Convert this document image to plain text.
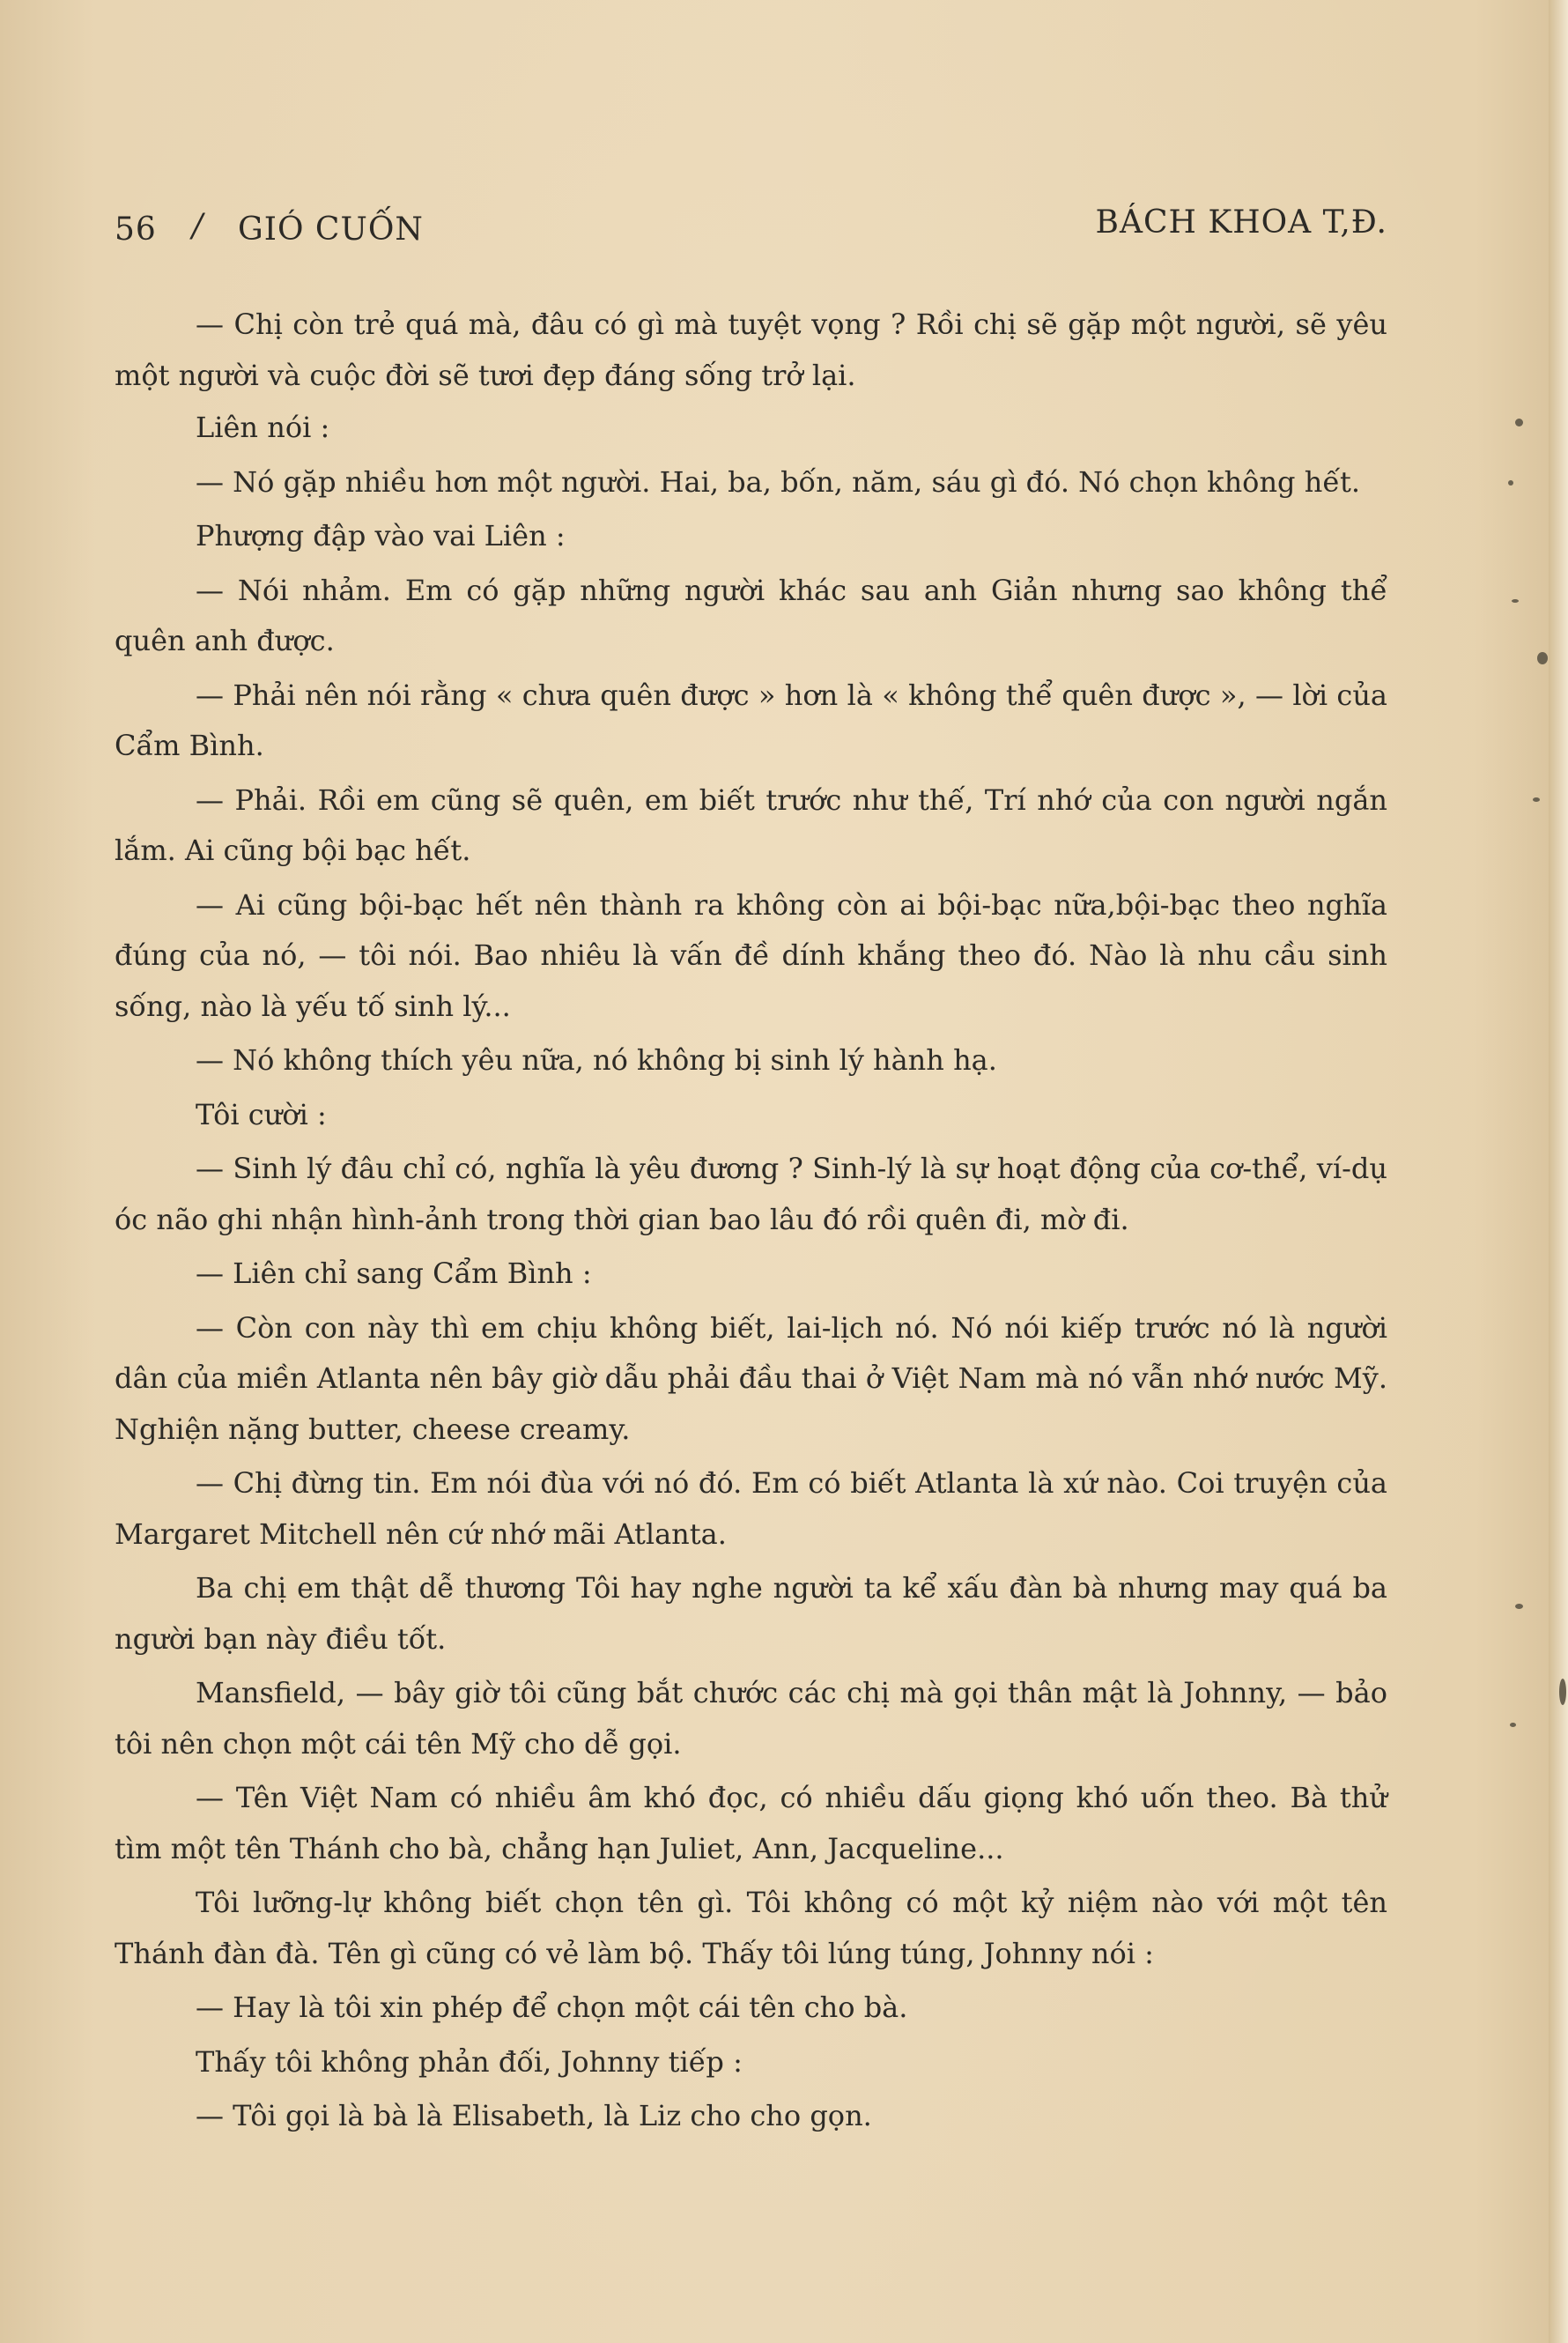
56 / GIÓ CUỐN	BÁCH KHOA T,Đ.

— Chị còn trẻ quá mà, đâu có gì mà tuyệt vọng ? Rồi chị sẽ gặp một người, sẽ yêu một người và cuộc đời sẽ tươi đẹp đáng sống trở lại.

Liên nói :

— Nó gặp nhiều hơn một người. Hai, ba, bốn, năm, sáu gì đó. Nó chọn không hết.

Phượng đập vào vai Liên :

— Nói nhảm. Em có gặp những người khác sau anh Giản nhưng sao không thể quên anh được.

— Phải nên nói rằng « chưa quên được » hơn là « không thể quên được », — lời của Cẩm Bình.

— Phải. Rồi em cũng sẽ quên, em biết trước như thế, Trí nhớ của con người ngắn lắm. Ai cũng bội bạc hết.

— Ai cũng bội-bạc hết nên thành ra không còn ai bội-bạc nữa,bội-bạc theo nghĩa đúng của nó, — tôi nói. Bao nhiêu là vấn đề dính khắng theo đó. Nào là nhu cầu sinh sống, nào là yếu tố sinh lý...

— Nó không thích yêu nữa, nó không bị sinh lý hành hạ.

Tôi cười :

— Sinh lý đâu chỉ có, nghĩa là yêu đương ? Sinh-lý là sự hoạt động của cơ-thể, ví-dụ óc não ghi nhận hình-ảnh trong thời gian bao lâu đó rồi quên đi, mờ đi.

— Liên chỉ sang Cẩm Bình :

— Còn con này thì em chịu không biết, lai-lịch nó. Nó nói kiếp trước nó là người dân của miền Atlanta nên bây giờ dẫu phải đầu thai ở Việt Nam mà nó vẫn nhớ nước Mỹ. Nghiện nặng butter, cheese creamy.

— Chị đừng tin. Em nói đùa với nó đó. Em có biết Atlanta là xứ nào. Coi truyện của Margaret Mitchell nên cứ nhớ mãi Atlanta.

Ba chị em thật dễ thương Tôi hay nghe người ta kể xấu đàn bà nhưng may quá ba người bạn này điều tốt.

Mansfield, — bây giờ tôi cũng bắt chước các chị mà gọi thân mật là Johnny, — bảo tôi nên chọn một cái tên Mỹ cho dễ gọi.

— Tên Việt Nam có nhiều âm khó đọc, có nhiều dấu giọng khó uốn theo. Bà thử tìm một tên Thánh cho bà, chẳng hạn Juliet, Ann, Jacqueline...

Tôi lưỡng-lự không biết chọn tên gì. Tôi không có một kỷ niệm nào với một tên Thánh đàn đà. Tên gì cũng có vẻ làm bộ. Thấy tôi lúng túng, Johnny nói :

— Hay là tôi xin phép để chọn một cái tên cho bà.

Thấy tôi không phản đối, Johnny tiếp :

— Tôi gọi là bà là Elisabeth, là Liz cho cho gọn.
